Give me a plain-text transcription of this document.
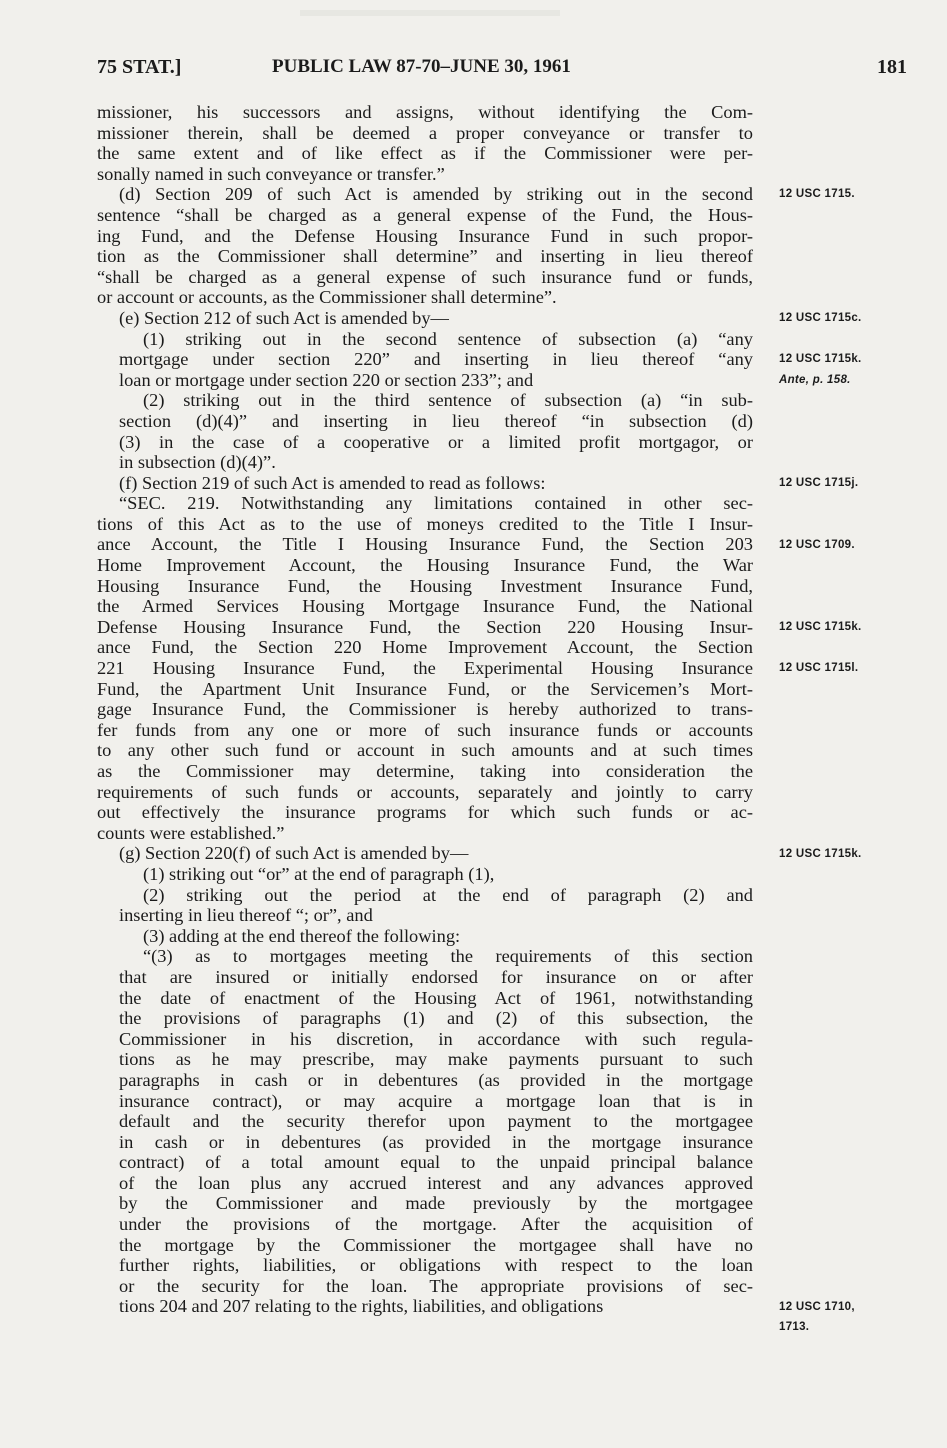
75 STAT.]	PUBLIC LAW 87-70–JUNE 30, 1961	181
missioner, his successors and assigns, without identifying the Com-
missioner therein, shall be deemed a proper conveyance or transfer to
the same extent and of like effect as if the Commissioner were per-
sonally named in such conveyance or transfer.”
(d) Section 209 of such Act is amended by striking out in the second
sentence “shall be charged as a general expense of the Fund, the Hous-
ing Fund, and the Defense Housing Insurance Fund in such propor-
tion as the Commissioner shall determine” and inserting in lieu thereof
“shall be charged as a general expense of such insurance fund or funds,
or account or accounts, as the Commissioner shall determine”.
(e) Section 212 of such Act is amended by—
(1) striking out in the second sentence of subsection (a) “any
mortgage under section 220” and inserting in lieu thereof “any
loan or mortgage under section 220 or section 233”; and
(2) striking out in the third sentence of subsection (a) “in sub-
section (d)(4)” and inserting in lieu thereof “in subsection (d)
(3) in the case of a cooperative or a limited profit mortgagor, or
in subsection (d)(4)”.
(f) Section 219 of such Act is amended to read as follows:
“SEC. 219. Notwithstanding any limitations contained in other sec-
tions of this Act as to the use of moneys credited to the Title I Insur-
ance Account, the Title I Housing Insurance Fund, the Section 203
Home Improvement Account, the Housing Insurance Fund, the War
Housing Insurance Fund, the Housing Investment Insurance Fund,
the Armed Services Housing Mortgage Insurance Fund, the National
Defense Housing Insurance Fund, the Section 220 Housing Insur-
ance Fund, the Section 220 Home Improvement Account, the Section
221 Housing Insurance Fund, the Experimental Housing Insurance
Fund, the Apartment Unit Insurance Fund, or the Servicemen’s Mort-
gage Insurance Fund, the Commissioner is hereby authorized to trans-
fer funds from any one or more of such insurance funds or accounts
to any other such fund or account in such amounts and at such times
as the Commissioner may determine, taking into consideration the
requirements of such funds or accounts, separately and jointly to carry
out effectively the insurance programs for which such funds or ac-
counts were established.”
(g) Section 220(f) of such Act is amended by—
(1) striking out “or” at the end of paragraph (1),
(2) striking out the period at the end of paragraph (2) and
inserting in lieu thereof “; or”, and
(3) adding at the end thereof the following:
“(3) as to mortgages meeting the requirements of this section
that are insured or initially endorsed for insurance on or after
the date of enactment of the Housing Act of 1961, notwithstanding
the provisions of paragraphs (1) and (2) of this subsection, the
Commissioner in his discretion, in accordance with such regula-
tions as he may prescribe, may make payments pursuant to such
paragraphs in cash or in debentures (as provided in the mortgage
insurance contract), or may acquire a mortgage loan that is in
default and the security therefor upon payment to the mortgagee
in cash or in debentures (as provided in the mortgage insurance
contract) of a total amount equal to the unpaid principal balance
of the loan plus any accrued interest and any advances approved
by the Commissioner and made previously by the mortgagee
under the provisions of the mortgage. After the acquisition of
the mortgage by the Commissioner the mortgagee shall have no
further rights, liabilities, or obligations with respect to the loan
or the security for the loan. The appropriate provisions of sec-
tions 204 and 207 relating to the rights, liabilities, and obligations
12 USC 1715.
12 USC 1715c.
12 USC 1715k.
Ante, p. 158.
12 USC 1715j.
12 USC 1709.
12 USC 1715k.
12 USC 1715l.
12 USC 1715k.
12 USC 1710,
1713.
